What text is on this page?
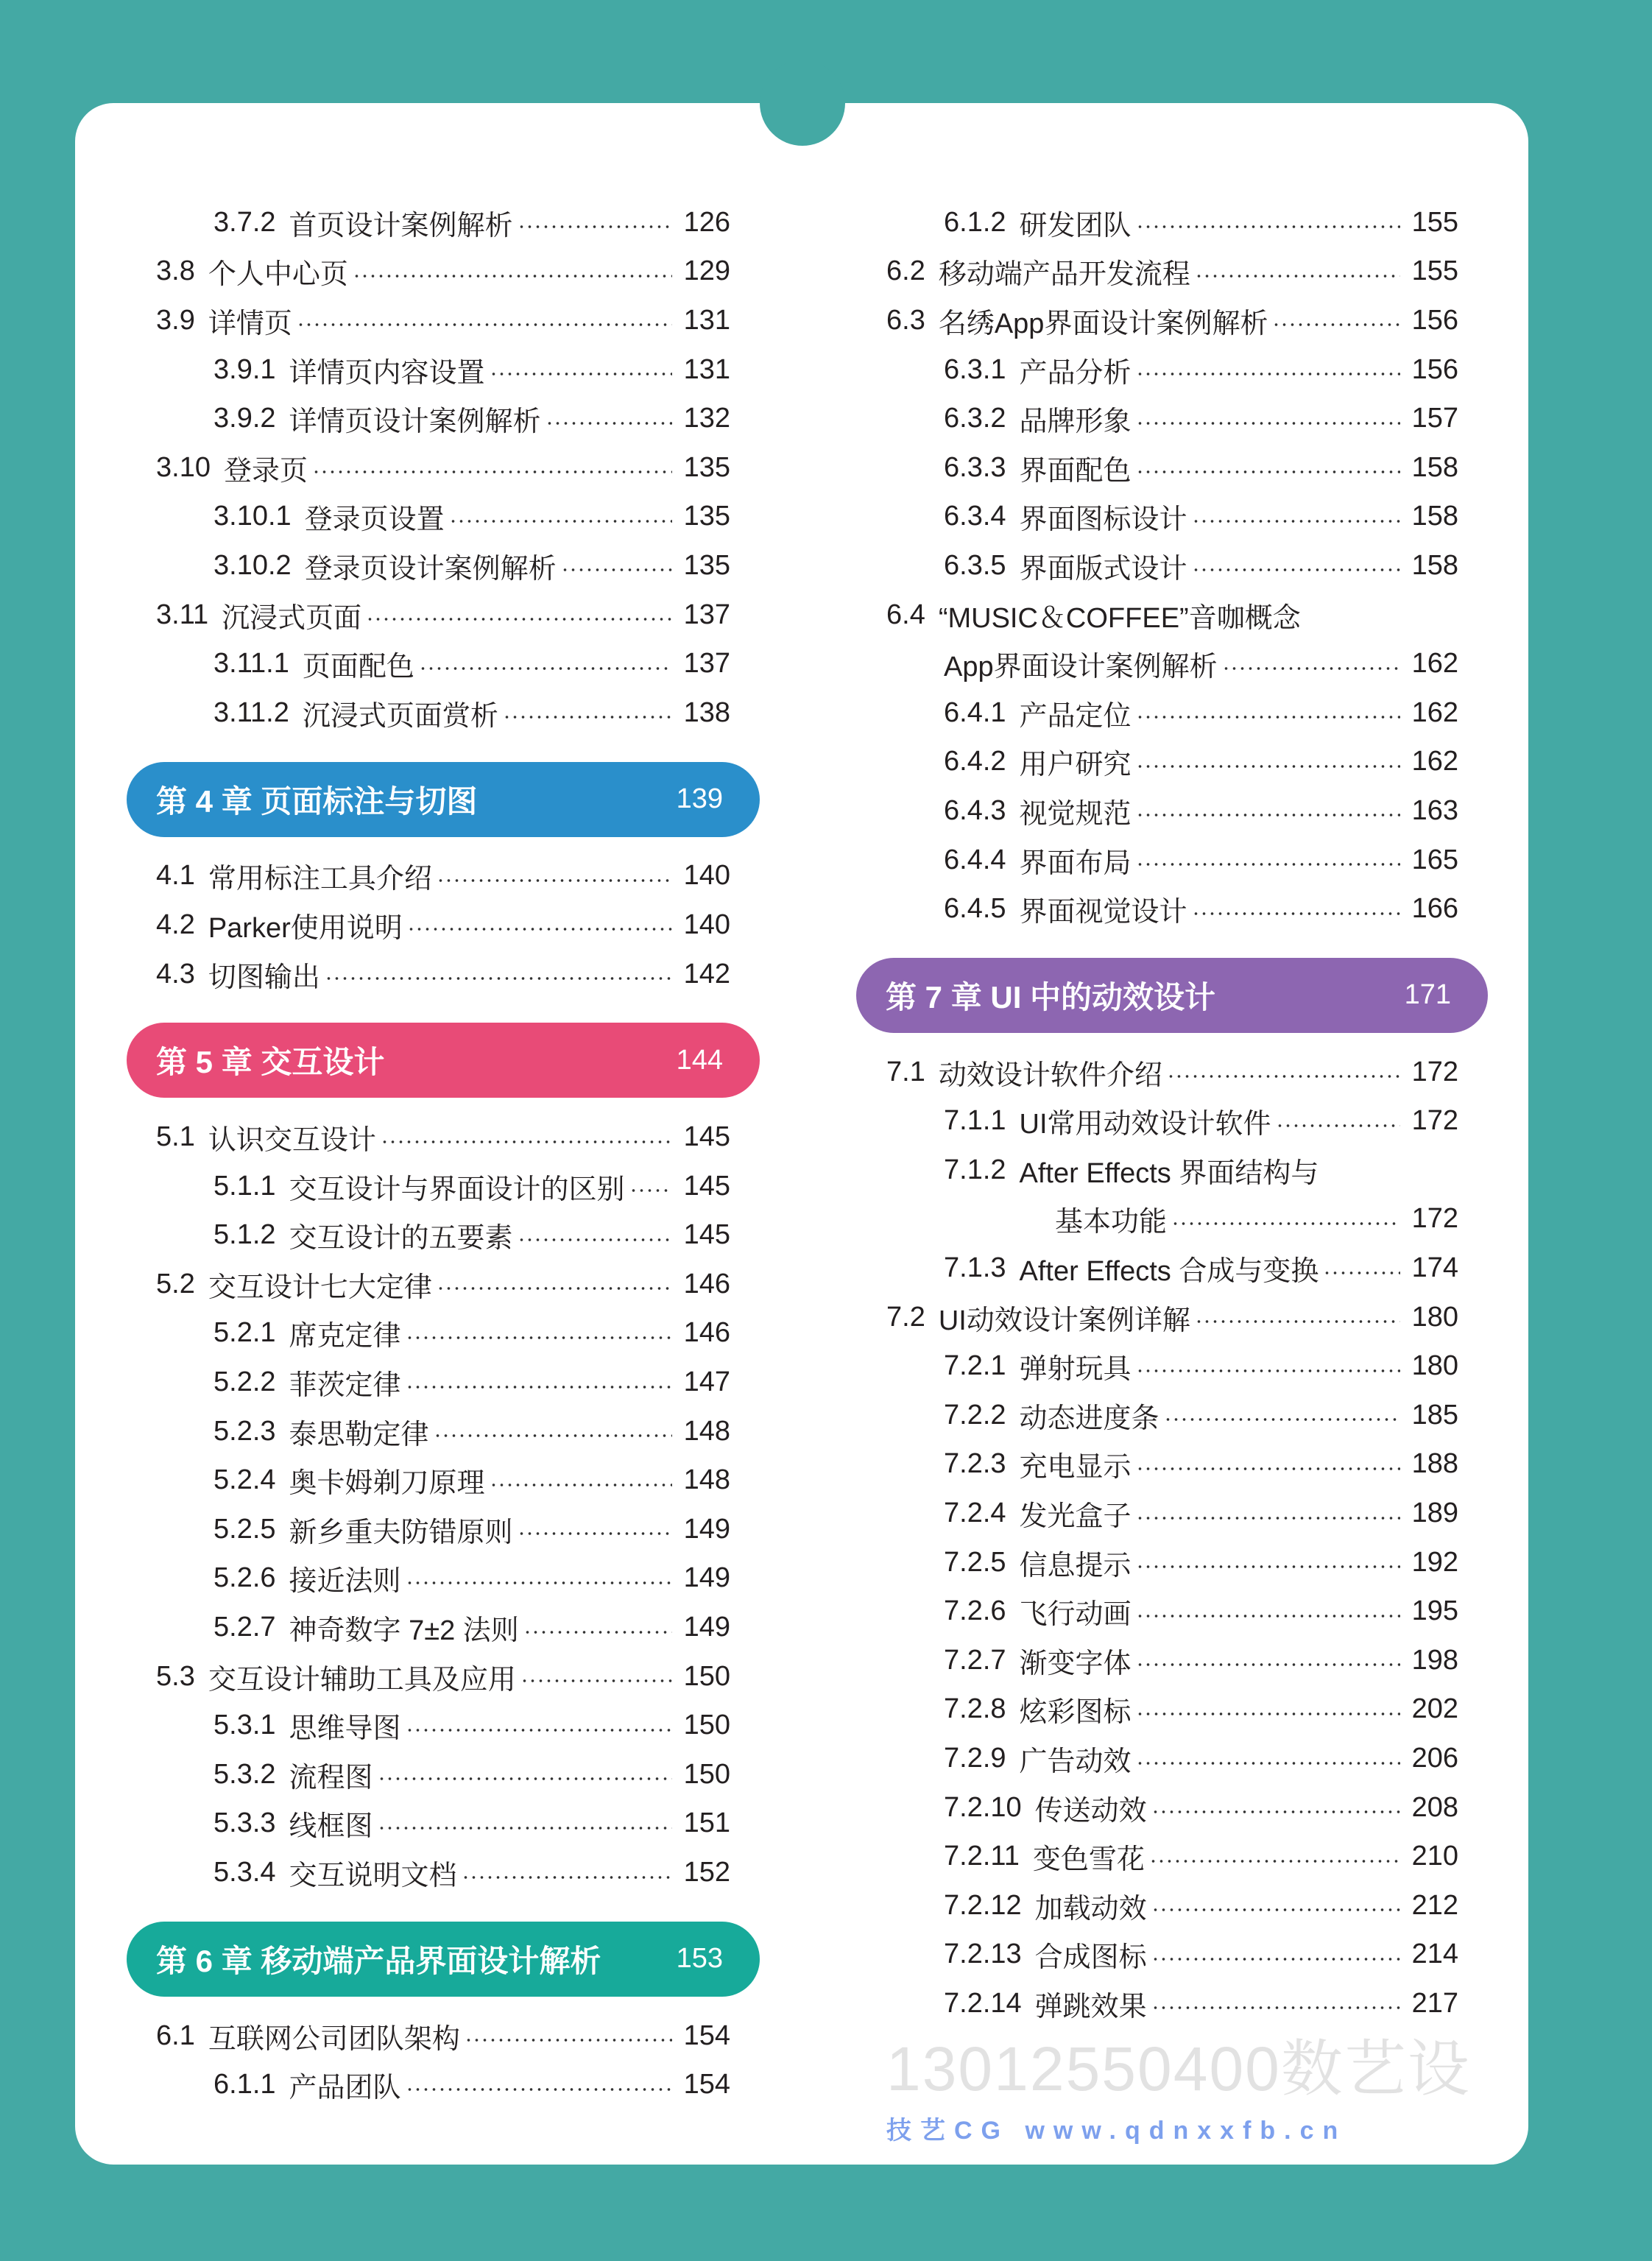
3.7.2 首页设计案例解析	126
3.8 个人中心页	129
3.9 详情页	131
3.9.1 详情页内容设置	131
3.9.2 详情页设计案例解析	132
3.10 登录页	135
3.10.1 登录页设置	135
3.10.2 登录页设计案例解析	135
3.11 沉浸式页面	137
3.11.1 页面配色	137
3.11.2 沉浸式页面赏析	138
第 4 章 页面标注与切图	139
4.1 常用标注工具介绍	140
4.2 Parker使用说明	140
4.3 切图输出	142
第 5 章 交互设计	144
5.1 认识交互设计	145
5.1.1 交互设计与界面设计的区别 145
5.1.2 交互设计的五要素	145
5.2 交互设计七大定律	146
5.2.1 席克定律	146
5.2.2 菲茨定律	147
5.2.3 泰思勒定律	148
5.2.4 奥卡姆剃刀原理	148
5.2.5 新乡重夫防错原则	149
5.2.6 接近法则	149
5.2.7 神奇数字 7±2 法则	149
5.3 交互设计辅助工具及应用	150
5.3.1 思维导图	150
5.3.2 流程图	150
5.3.3 线框图	151
5.3.4 交互说明文档	152
第 6 章 移动端产品界面设计解析	153
6.1 互联网公司团队架构	154
6.1.1 产品团队	154
6.1.2 研发团队	155
6.2 移动端产品开发流程	155
6.3 名绣App界面设计案例解析	156
6.3.1 产品分析	156
6.3.2 品牌形象	157
6.3.3 界面配色	158
6.3.4 界面图标设计	158
6.3.5 界面版式设计	158
6.4 “MUSIC＆COFFEE”音咖概念
App界面设计案例解析	162
6.4.1 产品定位	162
6.4.2 用户研究	162
6.4.3 视觉规范	163
6.4.4 界面布局	165
6.4.5 界面视觉设计	166
第 7 章 UI 中的动效设计	171
7.1 动效设计软件介绍	172
7.1.1 UI常用动效设计软件	172
7.1.2 After Effects 界面结构与
基本功能	172
7.1.3 After Effects 合成与变换	174
7.2 UI动效设计案例详解	180
7.2.1 弹射玩具	180
7.2.2 动态进度条	185
7.2.3 充电显示	188
7.2.4 发光盒子	189
7.2.5 信息提示	192
7.2.6 飞行动画	195
7.2.7 渐变字体	198
7.2.8 炫彩图标	202
7.2.9 广告动效	206
7.2.10 传送动效	208
7.2.11 变色雪花	210
7.2.12 加载动效	212
7.2.13 合成图标	214
7.2.14 弹跳效果	217
13012550400数艺设
技艺CG www.qdnxxfb.cn
